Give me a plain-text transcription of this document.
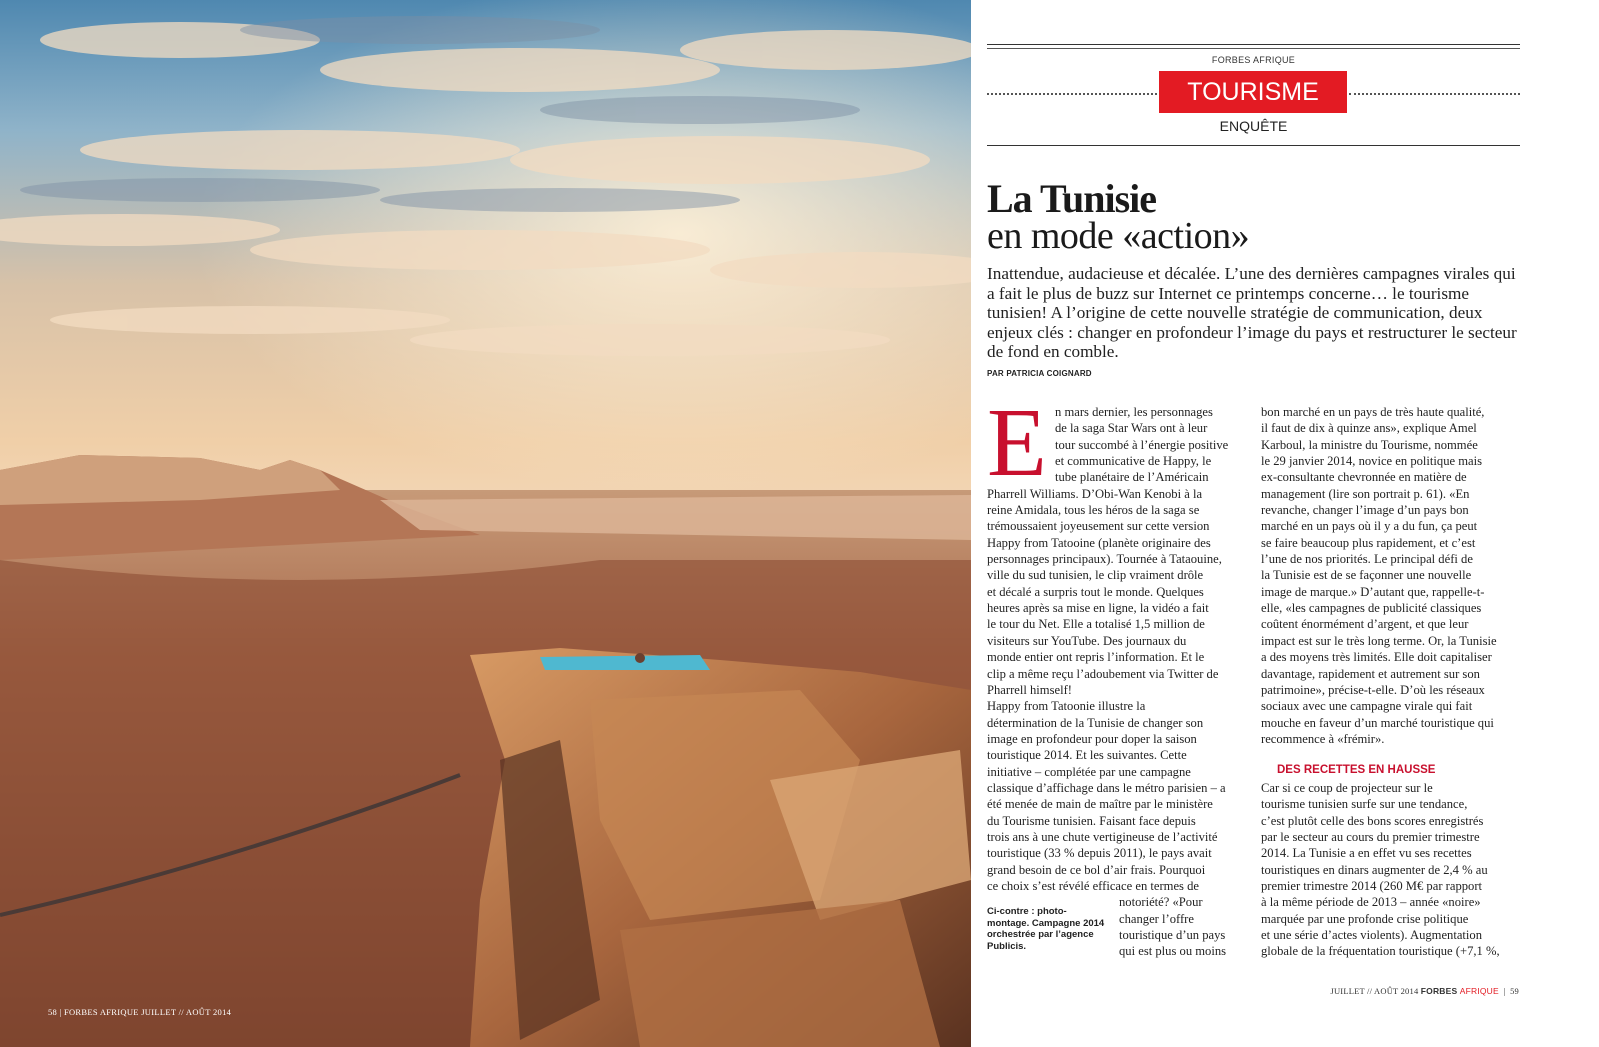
58 | FORBES AFRIQUE JUILLET // AOÛT 2014
FORBES AFRIQUE
TOURISME
ENQUÊTE
La Tunisie
en mode «action»
Inattendue, audacieuse et décalée. L’une des dernières campagnes virales qui a fait le plus de buzz sur Internet ce printemps concerne… le tourisme tunisien! A l’origine de cette nouvelle stratégie de communication, deux enjeux clés : changer en profondeur l’image du pays et restructurer le secteur de fond en comble.
PAR PATRICIA COIGNARD
E n mars dernier, les personnages
de la saga Star Wars ont à leur
tour succombé à l’énergie positive
et communicative de Happy, le
tube planétaire de l’Américain
Pharrell Williams. D’Obi-Wan Kenobi à la
reine Amidala, tous les héros de la saga se
trémoussaient joyeusement sur cette version
Happy from Tatooine (planète originaire des
personnages principaux). Tournée à Tataouine,
ville du sud tunisien, le clip vraiment drôle
et décalé a surpris tout le monde. Quelques
heures après sa mise en ligne, la vidéo a fait
le tour du Net. Elle a totalisé 1,5 million de
visiteurs sur YouTube. Des journaux du
monde entier ont repris l’information. Et le
clip a même reçu l’adoubement via Twitter de
Pharrell himself!
Happy from Tatoonie illustre la
détermination de la Tunisie de changer son
image en profondeur pour doper la saison
touristique 2014. Et les suivantes. Cette
initiative – complétée par une campagne
classique d’affichage dans le métro parisien – a
été menée de main de maître par le ministère
du Tourisme tunisien. Faisant face depuis
trois ans à une chute vertigineuse de l’activité
touristique (33 % depuis 2011), le pays avait
grand besoin de ce bol d’air frais. Pourquoi
ce choix s’est révélé efficace en termes de
notoriété? «Pour
changer l’offre
touristique d’un pays
qui est plus ou moins
bon marché en un pays de très haute qualité,
il faut de dix à quinze ans», explique Amel
Karboul, la ministre du Tourisme, nommée
le 29 janvier 2014, novice en politique mais
ex-consultante chevronnée en matière de
management (lire son portrait p. 61). «En
revanche, changer l’image d’un pays bon
marché en un pays où il y a du fun, ça peut
se faire beaucoup plus rapidement, et c’est
l’une de nos priorités. Le principal défi de
la Tunisie est de se façonner une nouvelle
image de marque.» D’autant que, rappelle-t-
elle, «les campagnes de publicité classiques
coûtent énormément d’argent, et que leur
impact est sur le très long terme. Or, la Tunisie
a des moyens très limités. Elle doit capitaliser
davantage, rapidement et autrement sur son
patrimoine», précise-t-elle. D’où les réseaux
sociaux avec une campagne virale qui fait
mouche en faveur d’un marché touristique qui
recommence à «frémir».
DES RECETTES EN HAUSSE
Car si ce coup de projecteur sur le
tourisme tunisien surfe sur une tendance,
c’est plutôt celle des bons scores enregistrés
par le secteur au cours du premier trimestre
2014. La Tunisie a en effet vu ses recettes
touristiques en dinars augmenter de 2,4 % au
premier trimestre 2014 (260 M€ par rapport
à la même période de 2013 – année «noire»
marquée par une profonde crise politique
et une série d’actes violents). Augmentation
globale de la fréquentation touristique (+7,1 %,
Ci-contre : photo-montage. Campagne 2014 orchestrée par l’agence Publicis.
JUILLET // AOÛT 2014 FORBES AFRIQUE  |  59
